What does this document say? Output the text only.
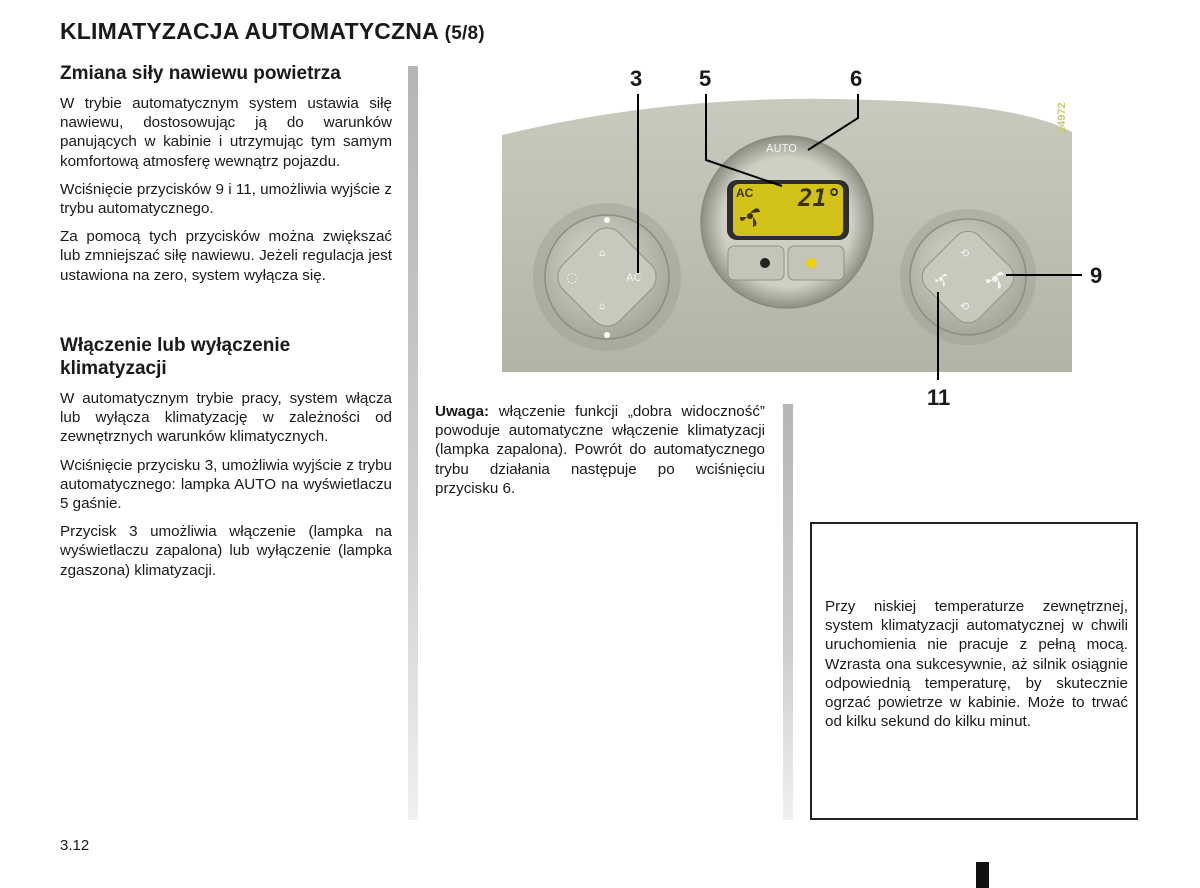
KLIMATYZACJA AUTOMATYCZNA (5/8)
Zmiana siły nawiewu powietrza

W trybie automatycznym system ustawia siłę nawiewu, dostosowując ją do warunków panujących w kabinie i utrzymując tym samym komfortową atmosferę wewnątrz pojazdu.

Wciśnięcie przycisków 9 i 11, umożliwia wyjście z trybu automatycznego.

Za pomocą tych przycisków można zwiększać lub zmniejszać siłę nawiewu. Jeżeli regulacja jest ustawiona na zero, system wyłącza się.

Włączenie lub wyłączenie klimatyzacji

W automatycznym trybie pracy, system włącza lub wyłącza klimatyzację w zależności od zewnętrznych warunków klimatycznych.

Wciśnięcie przycisku 3, umożliwia wyjście z trybu automatycznego: lampka AUTO na wyświetlaczu 5 gaśnie.

Przycisk 3 umożliwia włączenie (lampka na wyświetlaczu zapalona) lub wyłączenie (lampka zgaszona) klimatyzacji.

⟲
⟲
⌂
◌
⌂
AUTO
AC
AC 21°
3	5	6
9
11
24972
Uwaga: włączenie funkcji „dobra widoczność” powoduje automatyczne włączenie klimatyzacji (lampka zapalona). Powrót do automatycznego trybu działania następuje po wciśnięciu przycisku 6.
Przy niskiej temperaturze zewnętrznej, system klimatyzacji automatycznej w chwili uruchomienia nie pracuje z pełną mocą. Wzrasta ona sukcesywnie, aż silnik osiągnie odpowiednią temperaturę, by skutecznie ogrzać powietrze w kabinie. Może to trwać od kilku sekund do kilku minut.
3.12
